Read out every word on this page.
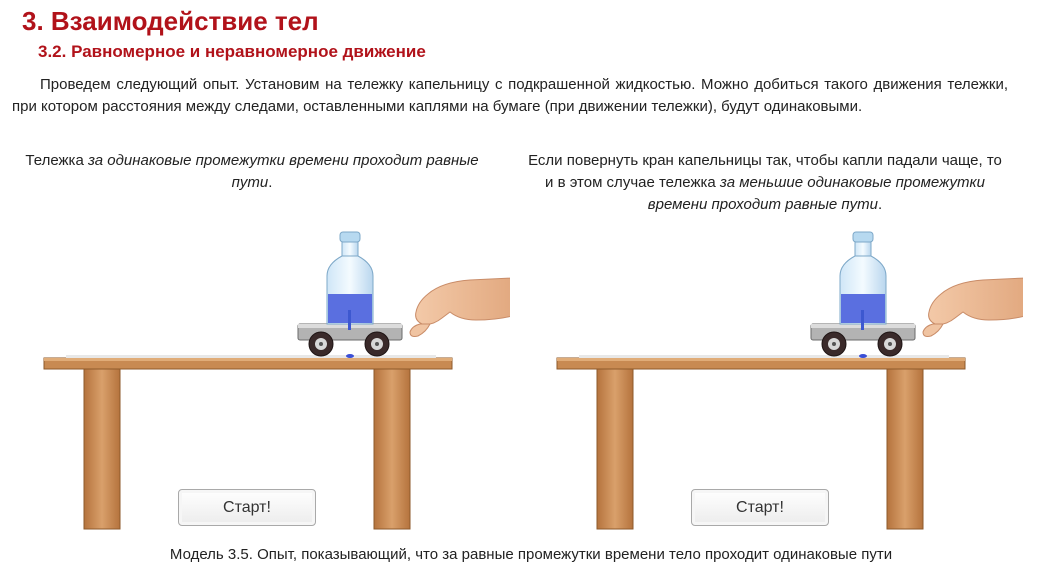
3. Взаимодействие тел
3.2. Равномерное и неравномерное движение
Проведем следующий опыт. Установим на тележку капельницу с подкрашенной жидкостью. Можно добиться такого движения тележки, при котором расстояния между следами, оставленными каплями на бумаге (при движении тележки), будут одинаковыми.
Тележка за одинаковые промежутки времени проходит равные пути.
Если повернуть кран капельницы так, чтобы капли падали чаще, то и в этом случае тележка за меньшие одинаковые промежутки времени проходит равные пути.
Старт!	Старт!
Модель 3.5. Опыт, показывающий, что за равные промежутки времени тело проходит одинаковые пути
